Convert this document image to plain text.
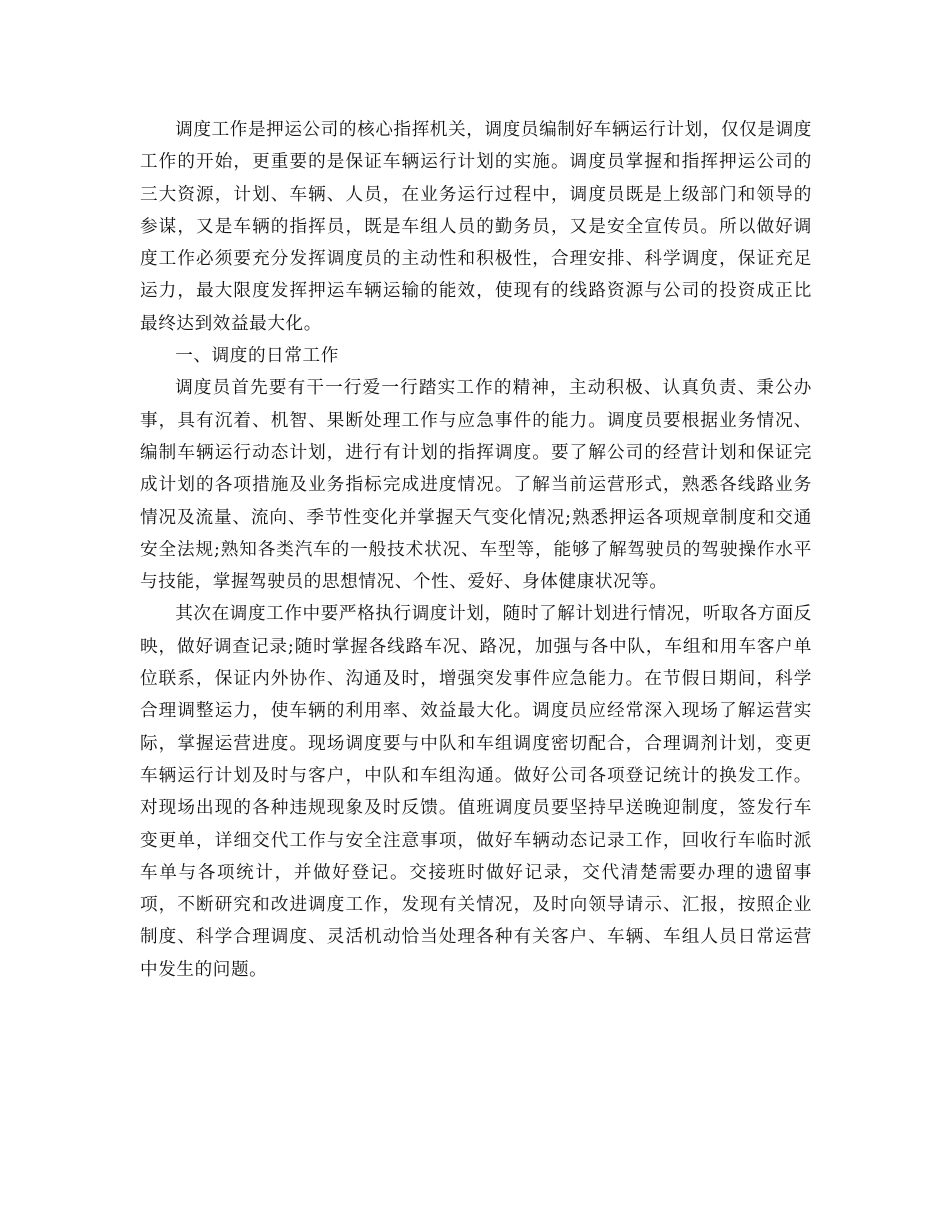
调度工作是押运公司的核心指挥机关，调度员编制好车辆运行计划，仅仅是调度工作的开始，更重要的是保证车辆运行计划的实施。调度员掌握和指挥押运公司的三大资源，计划、车辆、人员，在业务运行过程中，调度员既是上级部门和领导的参谋，又是车辆的指挥员，既是车组人员的勤务员，又是安全宣传员。所以做好调度工作必须要充分发挥调度员的主动性和积极性，合理安排、科学调度，保证充足运力，最大限度发挥押运车辆运输的能效，使现有的线路资源与公司的投资成正比最终达到效益最大化。

一、调度的日常工作

调度员首先要有干一行爱一行踏实工作的精神，主动积极、认真负责、秉公办事，具有沉着、机智、果断处理工作与应急事件的能力。调度员要根据业务情况、编制车辆运行动态计划，进行有计划的指挥调度。要了解公司的经营计划和保证完成计划的各项措施及业务指标完成进度情况。了解当前运营形式，熟悉各线路业务情况及流量、流向、季节性变化并掌握天气变化情况;熟悉押运各项规章制度和交通安全法规;熟知各类汽车的一般技术状况、车型等，能够了解驾驶员的驾驶操作水平与技能，掌握驾驶员的思想情况、个性、爱好、身体健康状况等。

其次在调度工作中要严格执行调度计划，随时了解计划进行情况，听取各方面反映，做好调查记录;随时掌握各线路车况、路况，加强与各中队，车组和用车客户单位联系，保证内外协作、沟通及时，增强突发事件应急能力。在节假日期间，科学合理调整运力，使车辆的利用率、效益最大化。调度员应经常深入现场了解运营实际，掌握运营进度。现场调度要与中队和车组调度密切配合，合理调剂计划，变更车辆运行计划及时与客户，中队和车组沟通。做好公司各项登记统计的换发工作。对现场出现的各种违规现象及时反馈。值班调度员要坚持早送晚迎制度，签发行车变更单，详细交代工作与安全注意事项，做好车辆动态记录工作，回收行车临时派车单与各项统计，并做好登记。交接班时做好记录，交代清楚需要办理的遗留事项，不断研究和改进调度工作，发现有关情况，及时向领导请示、汇报，按照企业制度、科学合理调度、灵活机动恰当处理各种有关客户、车辆、车组人员日常运营中发生的问题。
